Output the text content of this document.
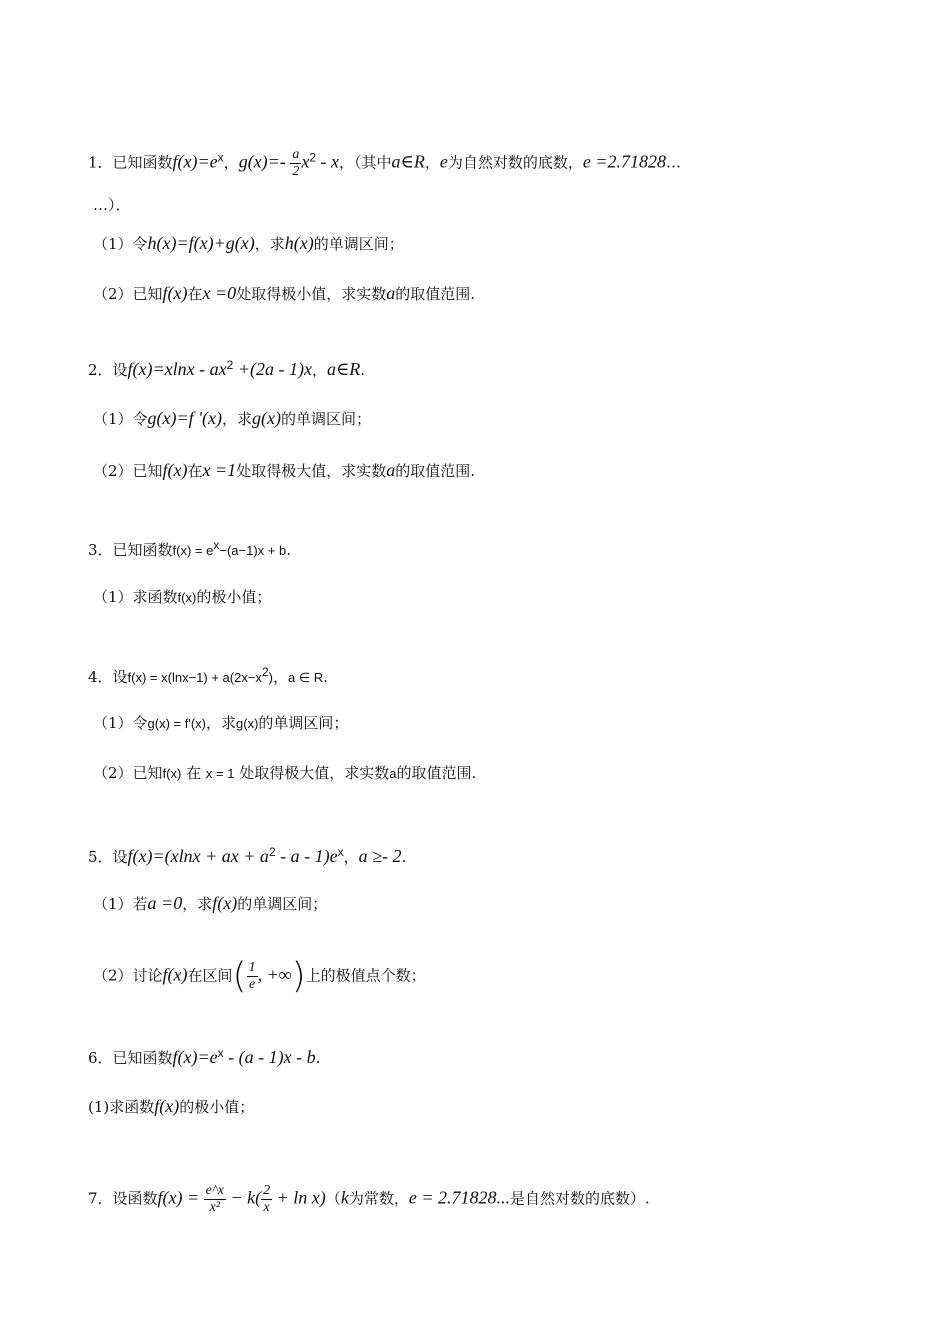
1．已知函数$f(x)=e^x$，$g(x)=- \frac{a}{2} x^2 - x$，（其中a∈R，e为自然对数的底数，e =2.71828…
…）．
（1）令h(x)=f(x)+g(x)，求h(x)的单调区间；
（2）已知f(x)在x =0处取得极小值，求实数a的取值范围.
2．设$f(x)=xlnx - ax^2 +(2a - 1)x$，a∈R.
（1）令g(x)=f '(x)，求g(x)的单调区间；
（2）已知f(x)在x =1处取得极大值，求实数a的取值范围.
3．已知函数$f(x) = e^x-(a-1)x + b$.
（1）求函数f(x)的极小值；
4．设$f(x) = x(\ln x-1) + a(2x-x^2)$，a ∈ R.
（1）令g(x) = f'(x)，求g(x)的单调区间；
（2）已知f(x) 在 x = 1 处取得极大值，求实数a的取值范围.
5．设f(x)=(xlnx + ax + $a^2$ - a - $1)e^x$，a ≥- 2.
（1）若a =0，求f(x)的单调区间；
（2）讨论f(x)在区间( $\frac{1}{e}$ , +∞)上的极值点个数；
6．已知函数$f(x)=e^x - (a - 1)x - b$.
(1)求函数f(x)的极小值；
7．设函数$f(x) = \frac{e\^{}x}{\text{x²}} - k( \frac{2}{x} + \ln x)(k$为常数，e = 2.71828...是自然对数的底数）.
